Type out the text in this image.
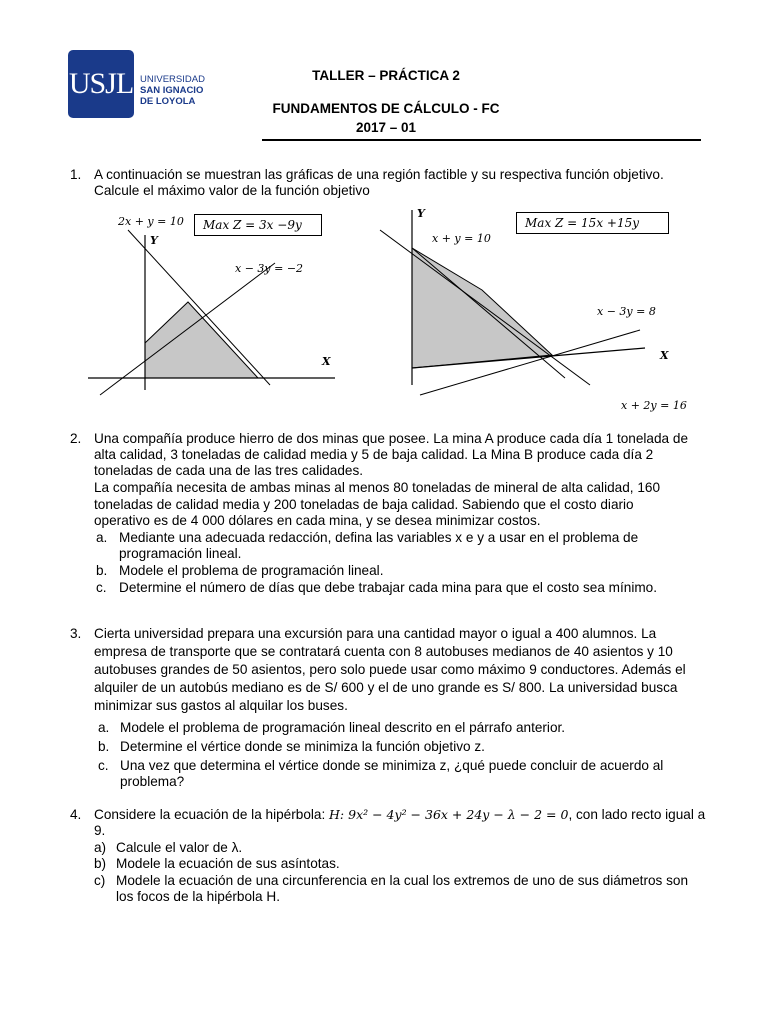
USJL UNIVERSIDAD
SAN IGNACIO
DE LOYOLA
TALLER – PRÁCTICA 2
FUNDAMENTOS DE CÁLCULO - FC
2017 – 01
1. A continuación se muestran las gráficas de una región factible y su respectiva función objetivo.
Calcule el máximo valor de la función objetivo
2x + y = 10
x − 3y = −2
Y
X
Max Z = 3x −9y
x + y = 10
x − 3y = 8
x + 2y = 16
Y
X
Max Z = 15x +15y
2. Una compañía produce hierro de dos minas que posee. La mina A produce cada día 1 tonelada de
alta calidad, 3 toneladas de calidad media y 5 de baja calidad. La Mina B produce cada día 2
toneladas de cada una de las tres calidades.
La compañía necesita de ambas minas al menos 80 toneladas de mineral de alta calidad, 160
toneladas de calidad media y 200 toneladas de baja calidad. Sabiendo que el costo diario
operativo es de 4 000 dólares en cada mina, y se desea minimizar costos.
a. Mediante una adecuada redacción, defina las variables x e y a usar en el problema de
programación lineal.
b. Modele el problema de programación lineal.
c. Determine el número de días que debe trabajar cada mina para que el costo sea mínimo.
3. Cierta universidad prepara una excursión para una cantidad mayor o igual a 400 alumnos. La
empresa de transporte que se contratará cuenta con 8 autobuses medianos de 40 asientos y 10
autobuses grandes de 50 asientos, pero solo puede usar como máximo 9 conductores. Además el
alquiler de un autobús mediano es de S/ 600 y el de uno grande es S/ 800. La universidad busca
minimizar sus gastos al alquilar los buses.
a. Modele el problema de programación lineal descrito en el párrafo anterior.
b. Determine el vértice donde se minimiza la función objetivo z.
c. Una vez que determina el vértice donde se minimiza z, ¿qué puede concluir de acuerdo al
problema?
4. Considere la ecuación de la hipérbola: H: 9x² − 4y² − 36x + 24y − λ − 2 = 0, con lado recto igual a
9.
a) Calcule el valor de λ.
b) Modele la ecuación de sus asíntotas.
c) Modele la ecuación de una circunferencia en la cual los extremos de uno de sus diámetros son
los focos de la hipérbola H.
